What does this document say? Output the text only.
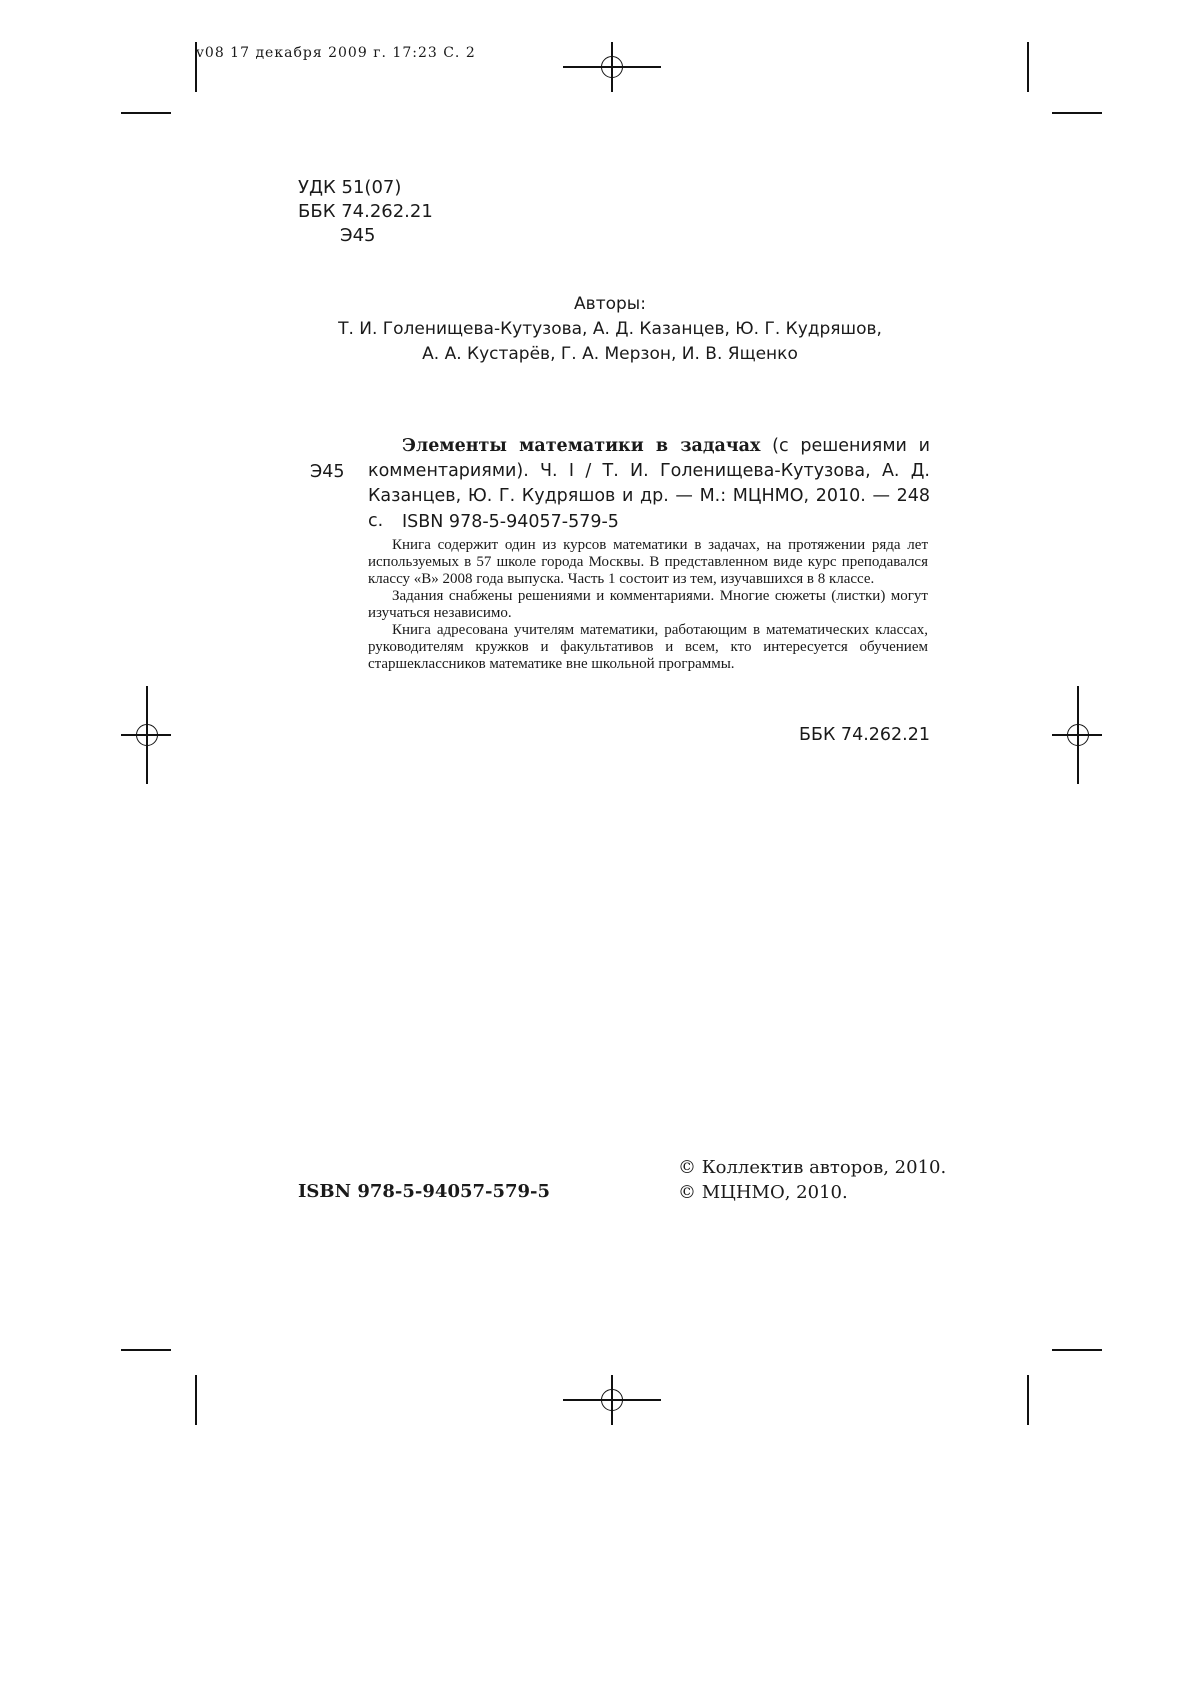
v08 17 декабря 2009 г. 17:23 С. 2
УДК 51(07)
ББК 74.262.21
Э45
Авторы:
Т. И. Голенищева-Кутузова, А. Д. Казанцев, Ю. Г. Кудряшов,
А. А. Кустарёв, Г. А. Мерзон, И. В. Ященко
Э45
Элементы математики в задачах (с решениями и комментариями). Ч. I / Т. И. Голенищева-Кутузова, А. Д. Казанцев, Ю. Г. Кудряшов и др. — М.: МЦНМО, 2010. — 248 с.	ISBN 978-5-94057-579-5

Книга содержит один из курсов математики в задачах, на протяжении ряда лет используемых в 57 школе города Москвы. В представленном виде курс преподавался классу «В» 2008 года выпуска. Часть 1 состоит из тем, изучавшихся в 8 классе.

Задания снабжены решениями и комментариями. Многие сюжеты (листки) могут изучаться независимо.

Книга адресована учителям математики, работающим в математических классах, руководителям кружков и факультативов и всем, кто интересуется обучением старшеклассников математике вне школьной программы.

ББК 74.262.21
ISBN 978-5-94057-579-5
© Коллектив авторов, 2010.
© МЦНМО, 2010.
